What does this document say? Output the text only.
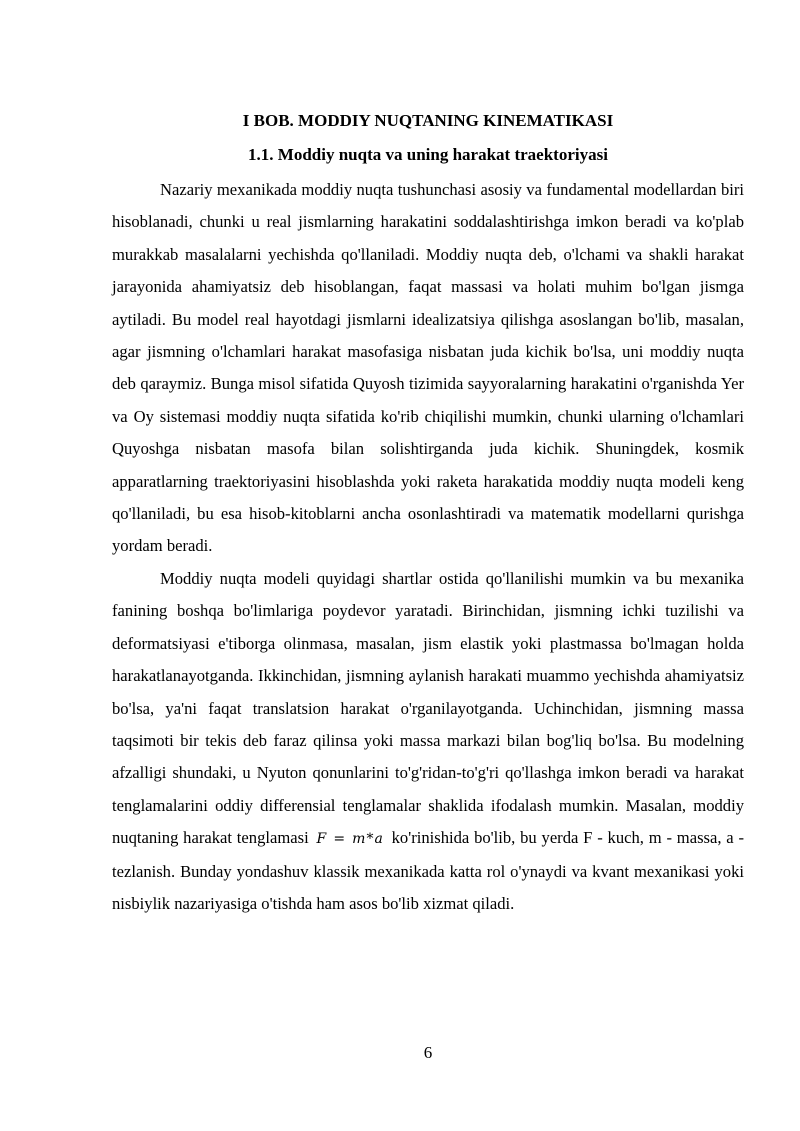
I BOB. MODDIY NUQTANING KINEMATIKASI
1.1. Moddiy nuqta va uning harakat traektoriyasi

Nazariy mexanikada moddiy nuqta tushunchasi asosiy va fundamental modellardan biri hisoblanadi, chunki u real jismlarning harakatini soddalashtirishga imkon beradi va ko'plab murakkab masalalarni yechishda qo'llaniladi. Moddiy nuqta deb, o'lchami va shakli harakat jarayonida ahamiyatsiz deb hisoblangan, faqat massasi va holati muhim bo'lgan jismga aytiladi. Bu model real hayotdagi jismlarni idealizatsiya qilishga asoslangan bo'lib, masalan, agar jismning o'lchamlari harakat masofasiga nisbatan juda kichik bo'lsa, uni moddiy nuqta deb qaraymiz. Bunga misol sifatida Quyosh tizimida sayyoralarning harakatini o'rganishda Yer va Oy sistemasi moddiy nuqta sifatida ko'rib chiqilishi mumkin, chunki ularning o'lchamlari Quyoshga nisbatan masofa bilan solishtirganda juda kichik. Shuningdek, kosmik apparatlarning traektoriyasini hisoblashda yoki raketa harakatida moddiy nuqta modeli keng qo'llaniladi, bu esa hisob-kitoblarni ancha osonlashtiradi va matematik modellarni qurishga yordam beradi.

Moddiy nuqta modeli quyidagi shartlar ostida qo'llanilishi mumkin va bu mexanika fanining boshqa bo'limlariga poydevor yaratadi. Birinchidan, jismning ichki tuzilishi va deformatsiyasi e'tiborga olinmasa, masalan, jism elastik yoki plastmassa bo'lmagan holda harakatlanayotganda. Ikkinchidan, jismning aylanish harakati muammo yechishda ahamiyatsiz bo'lsa, ya'ni faqat translatsion harakat o'rganilayotganda. Uchinchidan, jismning massa taqsimoti bir tekis deb faraz qilinsa yoki massa markazi bilan bog'liq bo'lsa. Bu modelning afzalligi shundaki, u Nyuton qonunlarini to'g'ridan-to'g'ri qo'llashga imkon beradi va harakat tenglamalarini oddiy differensial tenglamalar shaklida ifodalash mumkin. Masalan, moddiy nuqtaning harakat tenglamasi F = m*a ko'rinishida bo'lib, bu yerda F - kuch, m - massa, a - tezlanish. Bunday yondashuv klassik mexanikada katta rol o'ynaydi va kvant mexanikasi yoki nisbiylik nazariyasiga o'tishda ham asos bo'lib xizmat qiladi.

6
